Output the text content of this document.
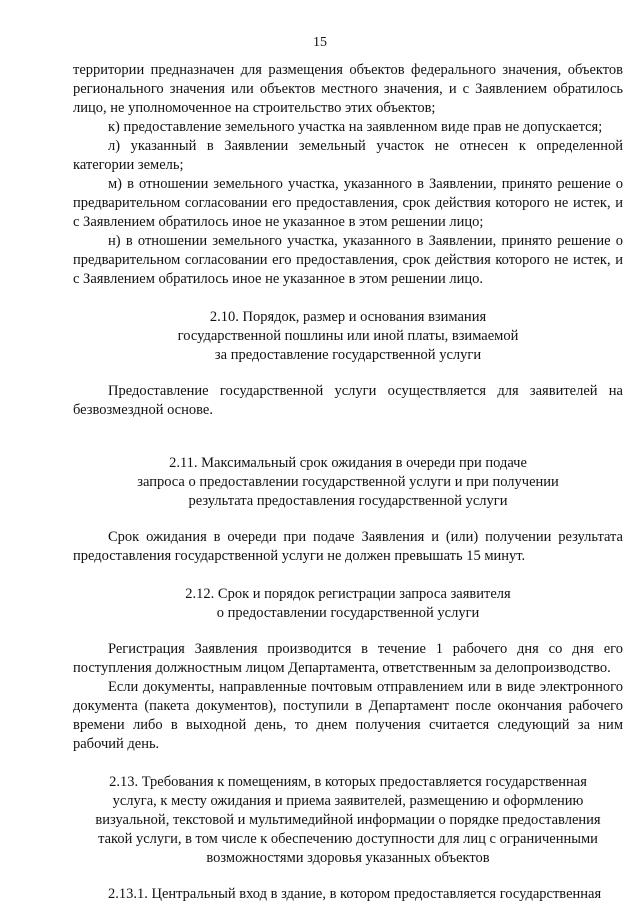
15

территории предназначен для размещения объектов федерального значения, объектов регионального значения или объектов местного значения, и с Заявлением обратилось лицо, не уполномоченное на строительство этих объектов;

к) предоставление земельного участка на заявленном виде прав не допускается;

л) указанный в Заявлении земельный участок не отнесен к определенной категории земель;

м) в отношении земельного участка, указанного в Заявлении, принято решение о предварительном согласовании его предоставления, срок действия которого не истек, и с Заявлением обратилось иное не указанное в этом решении лицо;

н) в отношении земельного участка, указанного в Заявлении, принято решение о предварительном согласовании его предоставления, срок действия которого не истек, и с Заявлением обратилось иное не указанное в этом решении лицо.

2.10. Порядок, размер и основания взимания

государственной пошлины или иной платы, взимаемой

за предоставление государственной услуги

Предоставление государственной услуги осуществляется для заявителей на безвозмездной основе.

2.11. Максимальный срок ожидания в очереди при подаче

запроса о предоставлении государственной услуги и при получении

результата предоставления государственной услуги

Срок ожидания в очереди при подаче Заявления и (или) получении результата предоставления государственной услуги не должен превышать 15 минут.

2.12. Срок и порядок регистрации запроса заявителя

о предоставлении государственной услуги

Регистрация Заявления производится в течение 1 рабочего дня со дня его поступления должностным лицом Департамента, ответственным за делопроизводство.

Если документы, направленные почтовым отправлением или в виде электронного документа (пакета документов), поступили в Департамент после окончания рабочего времени либо в выходной день, то днем получения считается следующий за ним рабочий день.

2.13. Требования к помещениям, в которых предоставляется государственная

услуга, к месту ожидания и приема заявителей, размещению и оформлению

визуальной, текстовой и мультимедийной информации о порядке предоставления

такой услуги, в том числе к обеспечению доступности для лиц с ограниченными

возможностями здоровья указанных объектов

2.13.1. Центральный вход в здание, в котором предоставляется государственная
